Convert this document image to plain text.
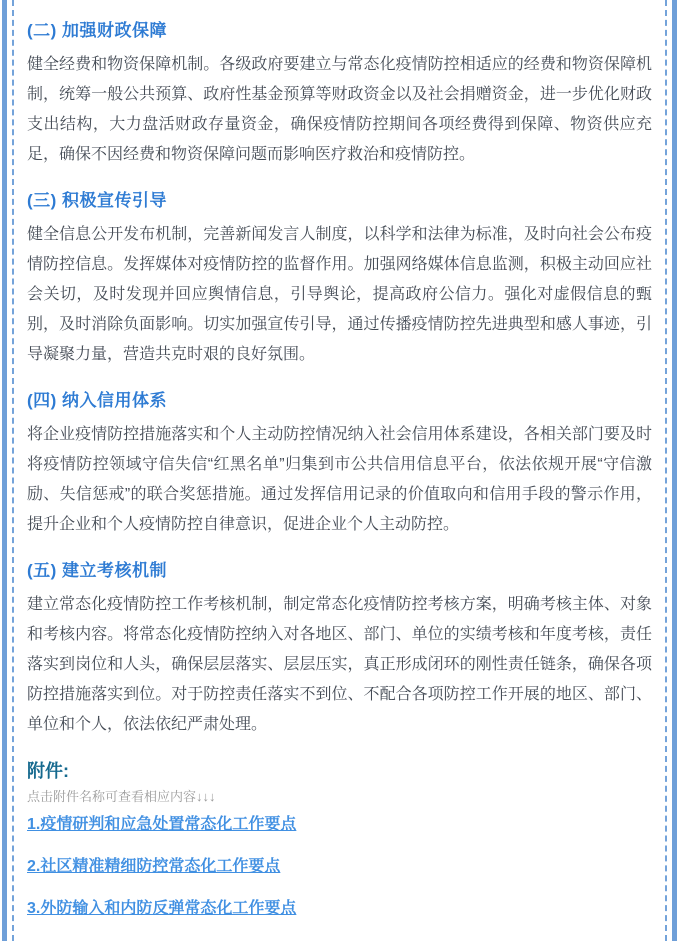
(二) 加强财政保障

健全经费和物资保障机制。各级政府要建立与常态化疫情防控相适应的经费和物资保障机制，统筹一般公共预算、政府性基金预算等财政资金以及社会捐赠资金，进一步优化财政支出结构，大力盘活财政存量资金，确保疫情防控期间各项经费得到保障、物资供应充足，确保不因经费和物资保障问题而影响医疗救治和疫情防控。

(三) 积极宣传引导

健全信息公开发布机制，完善新闻发言人制度，以科学和法律为标准，及时向社会公布疫情防控信息。发挥媒体对疫情防控的监督作用。加强网络媒体信息监测，积极主动回应社会关切，及时发现并回应舆情信息，引导舆论，提高政府公信力。强化对虚假信息的甄别，及时消除负面影响。切实加强宣传引导，通过传播疫情防控先进典型和感人事迹，引导凝聚力量，营造共克时艰的良好氛围。

(四) 纳入信用体系

将企业疫情防控措施落实和个人主动防控情况纳入社会信用体系建设，各相关部门要及时将疫情防控领域守信失信“红黑名单”归集到市公共信用信息平台，依法依规开展“守信激励、失信惩戒”的联合奖惩措施。通过发挥信用记录的价值取向和信用手段的警示作用，提升企业和个人疫情防控自律意识，促进企业个人主动防控。

(五) 建立考核机制

建立常态化疫情防控工作考核机制，制定常态化疫情防控考核方案，明确考核主体、对象和考核内容。将常态化疫情防控纳入对各地区、部门、单位的实绩考核和年度考核，责任落实到岗位和人头，确保层层落实、层层压实，真正形成闭环的刚性责任链条，确保各项防控措施落实到位。对于防控责任落实不到位、不配合各项防控工作开展的地区、部门、单位和个人，依法依纪严肃处理。

附件:

点击附件名称可查看相应内容↓↓↓

1.疫情研判和应急处置常态化工作要点
2.社区精准精细防控常态化工作要点
3.外防输入和内防反弹常态化工作要点
